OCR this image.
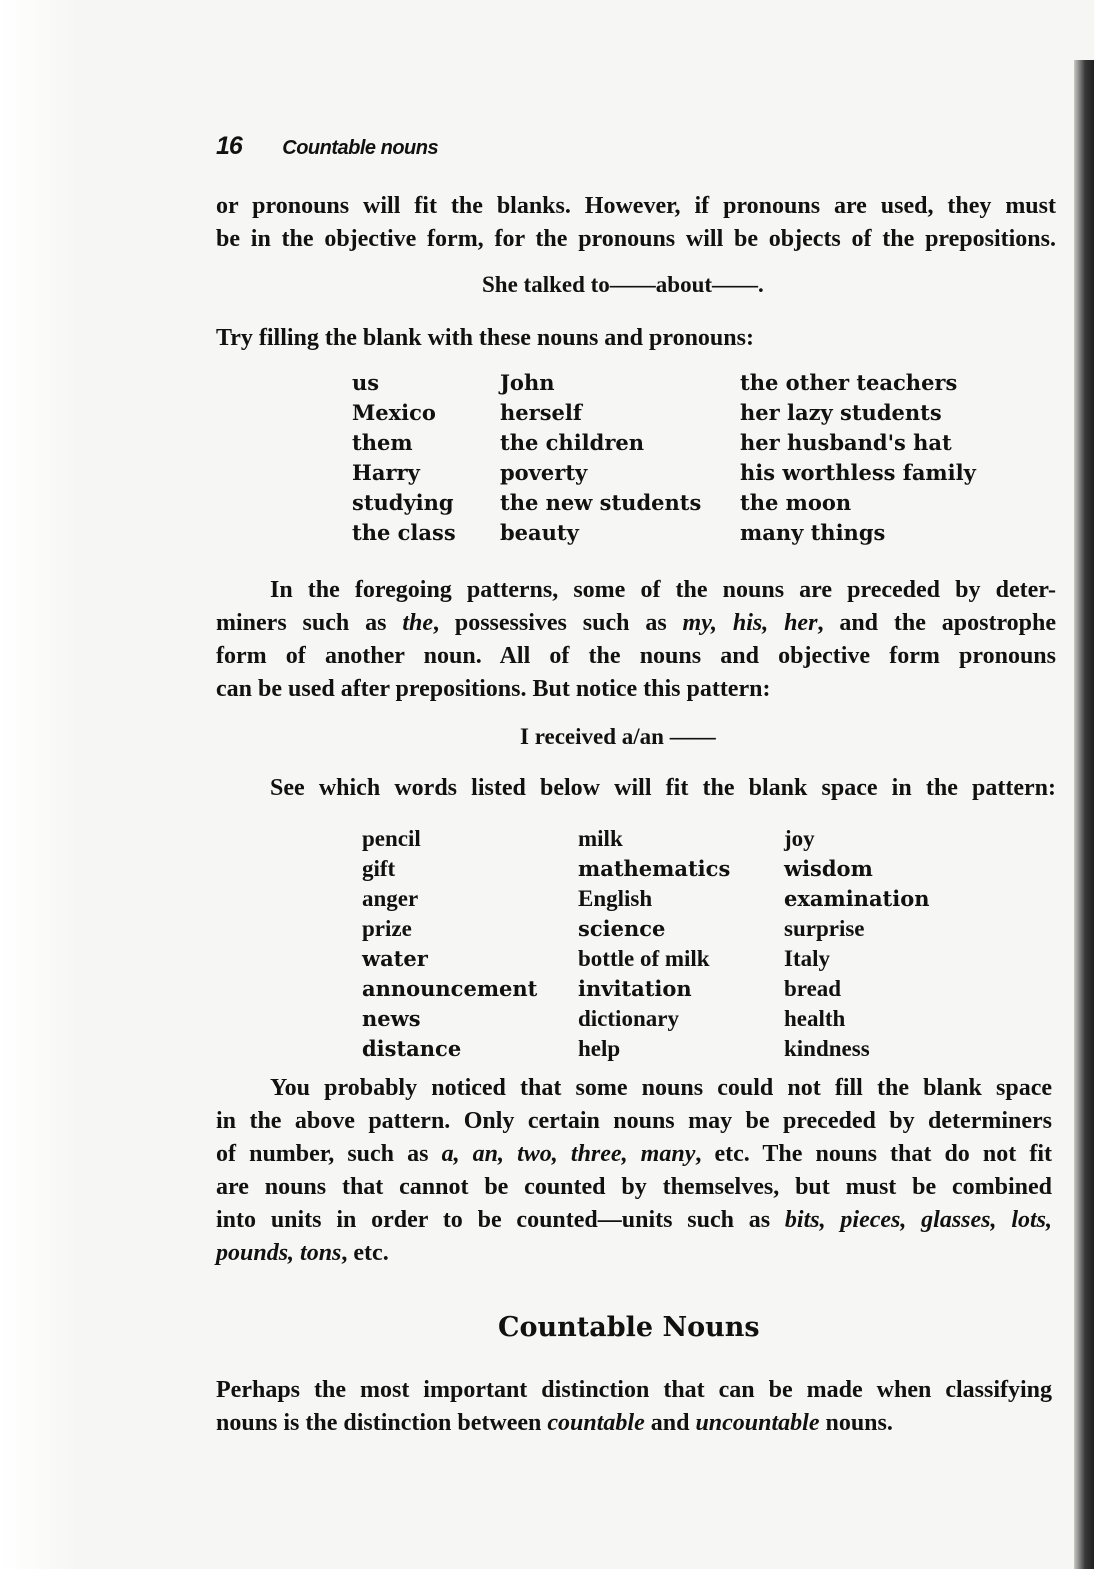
16 Countable nouns
or pronouns will fit the blanks. However, if pronouns are used, they must
be in the objective form, for the pronouns will be objects of the prepositions.
She talked to——about——.
Try filling the blank with these nouns and pronouns:
us
Mexico
them
Harry
studying
the class
John
herself
the children
poverty
the new students
beauty
the other teachers
her lazy students
her husband's hat
his worthless family
the moon
many things
In the foregoing patterns, some of the nouns are preceded by deter-
miners such as the, possessives such as my, his, her, and the apostrophe
form of another noun. All of the nouns and objective form pronouns
can be used after prepositions. But notice this pattern:
I received a/an ——
See which words listed below will fit the blank space in the pattern:
pencil
gift
anger
prize
water
announcement
news
distance
milk
mathematics
English
science
bottle of milk
invitation
dictionary
help
joy
wisdom
examination
surprise
Italy
bread
health
kindness
You probably noticed that some nouns could not fill the blank space
in the above pattern. Only certain nouns may be preceded by determiners
of number, such as a, an, two, three, many, etc. The nouns that do not fit
are nouns that cannot be counted by themselves, but must be combined
into units in order to be counted—units such as bits, pieces, glasses, lots,
pounds, tons, etc.
Countable Nouns
Perhaps the most important distinction that can be made when classifying
nouns is the distinction between countable and uncountable nouns.
